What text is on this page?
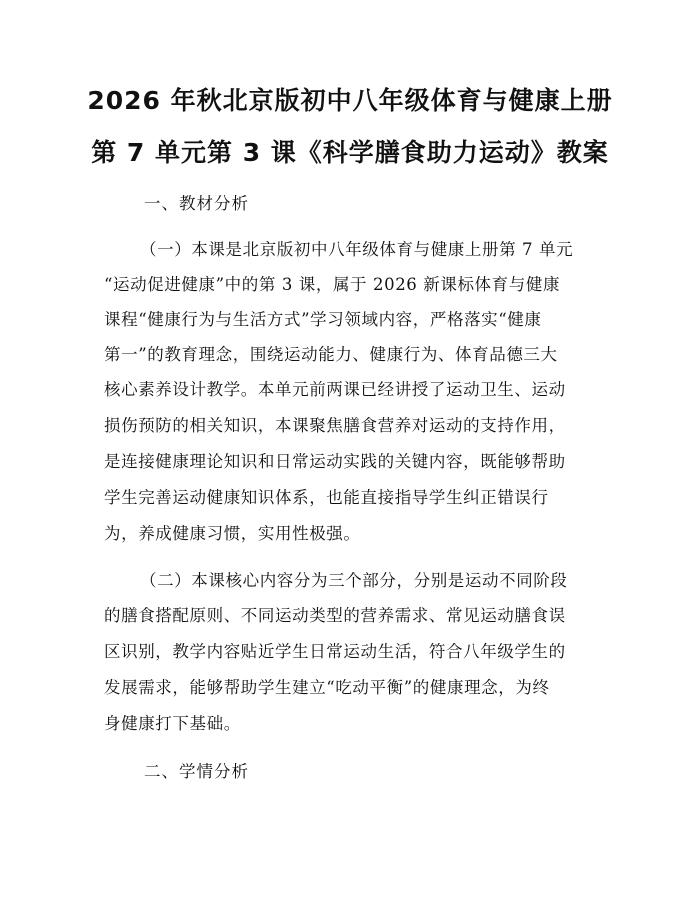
2026 年秋北京版初中八年级体育与健康上册
第 7 单元第 3 课《科学膳食助力运动》教案
一、教材分析
（一）本课是北京版初中八年级体育与健康上册第 7 单元
“运动促进健康”中的第 3 课，属于 2026 新课标体育与健康
课程“健康行为与生活方式”学习领域内容，严格落实“健康
第一”的教育理念，围绕运动能力、健康行为、体育品德三大
核心素养设计教学。本单元前两课已经讲授了运动卫生、运动
损伤预防的相关知识，本课聚焦膳食营养对运动的支持作用，
是连接健康理论知识和日常运动实践的关键内容，既能够帮助
学生完善运动健康知识体系，也能直接指导学生纠正错误行
为，养成健康习惯，实用性极强。
（二）本课核心内容分为三个部分，分别是运动不同阶段
的膳食搭配原则、不同运动类型的营养需求、常见运动膳食误
区识别，教学内容贴近学生日常运动生活，符合八年级学生的
发展需求，能够帮助学生建立“吃动平衡”的健康理念，为终
身健康打下基础。
二、学情分析
